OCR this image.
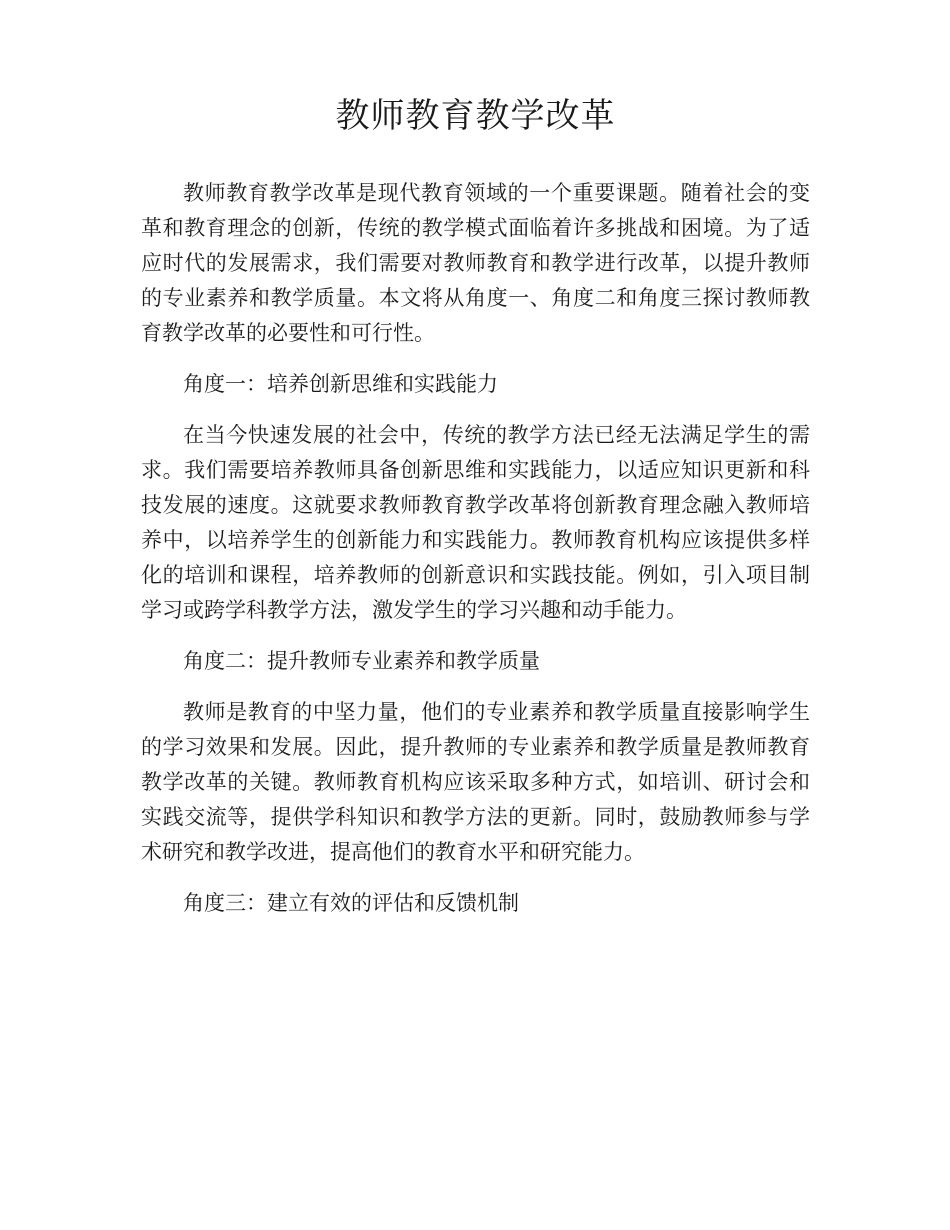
教师教育教学改革

教师教育教学改革是现代教育领域的一个重要课题。随着社会的变革和教育理念的创新，传统的教学模式面临着许多挑战和困境。为了适应时代的发展需求，我们需要对教师教育和教学进行改革，以提升教师的专业素养和教学质量。本文将从角度一、角度二和角度三探讨教师教育教学改革的必要性和可行性。

角度一：培养创新思维和实践能力

在当今快速发展的社会中，传统的教学方法已经无法满足学生的需求。我们需要培养教师具备创新思维和实践能力，以适应知识更新和科技发展的速度。这就要求教师教育教学改革将创新教育理念融入教师培养中，以培养学生的创新能力和实践能力。教师教育机构应该提供多样化的培训和课程，培养教师的创新意识和实践技能。例如，引入项目制学习或跨学科教学方法，激发学生的学习兴趣和动手能力。

角度二：提升教师专业素养和教学质量

教师是教育的中坚力量，他们的专业素养和教学质量直接影响学生的学习效果和发展。因此，提升教师的专业素养和教学质量是教师教育教学改革的关键。教师教育机构应该采取多种方式，如培训、研讨会和实践交流等，提供学科知识和教学方法的更新。同时，鼓励教师参与学术研究和教学改进，提高他们的教育水平和研究能力。

角度三：建立有效的评估和反馈机制
